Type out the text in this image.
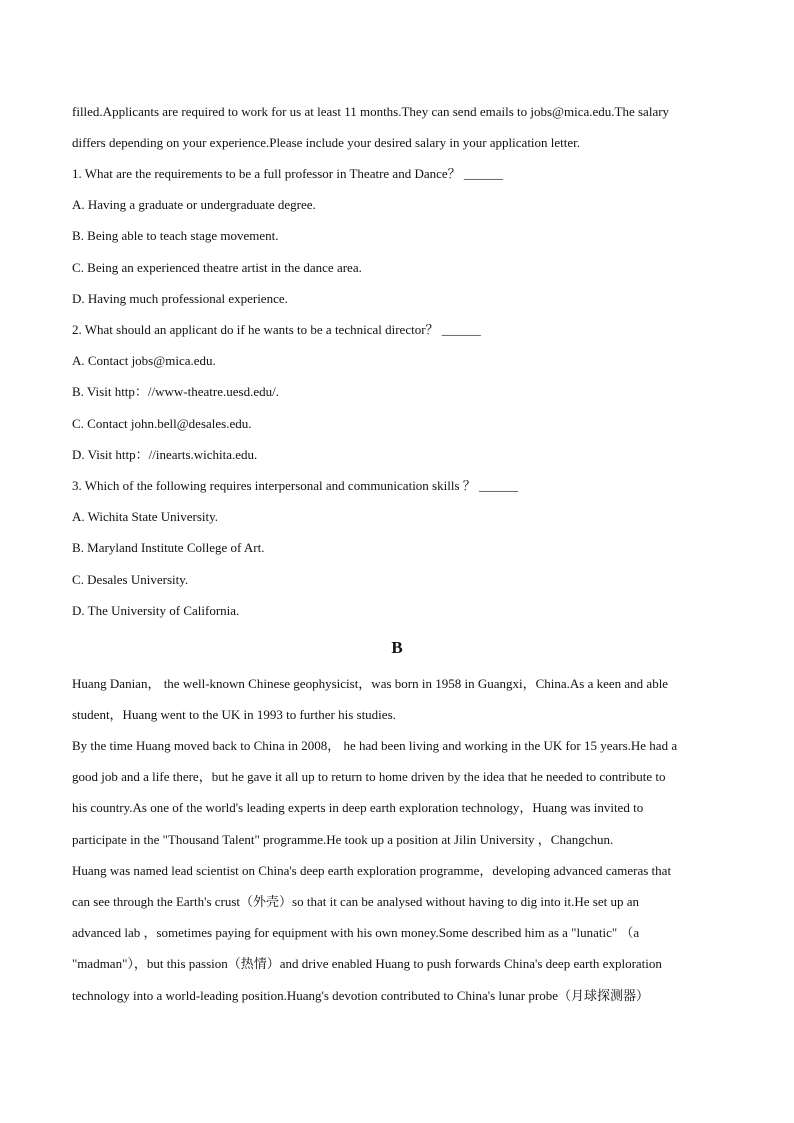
filled.Applicants are required to work for us at least 11 months.They can send emails to jobs@mica.edu.The salary
differs depending on your experience.Please include your desired salary in your application letter.
1. What are the requirements to be a full professor in Theatre and Dance？ ______
A. Having a graduate or undergraduate degree.
B. Being able to teach stage movement.
C. Being an experienced theatre artist in the dance area.
D. Having much professional experience.
2. What should an applicant do if he wants to be a technical director？ ______
A. Contact jobs@mica.edu.
B. Visit http：//www-theatre.uesd.edu/.
C. Contact john.bell@desales.edu.
D. Visit http：//inearts.wichita.edu.
3. Which of the following requires interpersonal and communication skills ？ ______
A. Wichita State University.
B. Maryland Institute College of Art.
C. Desales University.
D. The University of California.
B
Huang Danian， the well-known Chinese geophysicist，was born in 1958 in Guangxi，China.As a keen and able
student，Huang went to the UK in 1993 to further his studies.
By the time Huang moved back to China in 2008， he had been living and working in the UK for 15 years.He had a
good job and a life there，but he gave it all up to return to home driven by the idea that he needed to contribute to
his country.As one of the world's leading experts in deep earth exploration technology，Huang was invited to
participate in the "Thousand Talent" programme.He took up a position at Jilin University ，Changchun.
Huang was named lead scientist on China's deep earth exploration programme，developing advanced cameras that
can see through the Earth's crust（外壳）so that it can be analysed without having to dig into it.He set up an
advanced lab ，sometimes paying for equipment with his own money.Some described him as a "lunatic" （a
"madman"），but this passion（热情）and drive enabled Huang to push forwards China's deep earth exploration
technology into a world-leading position.Huang's devotion contributed to China's lunar probe（月球探测器）
